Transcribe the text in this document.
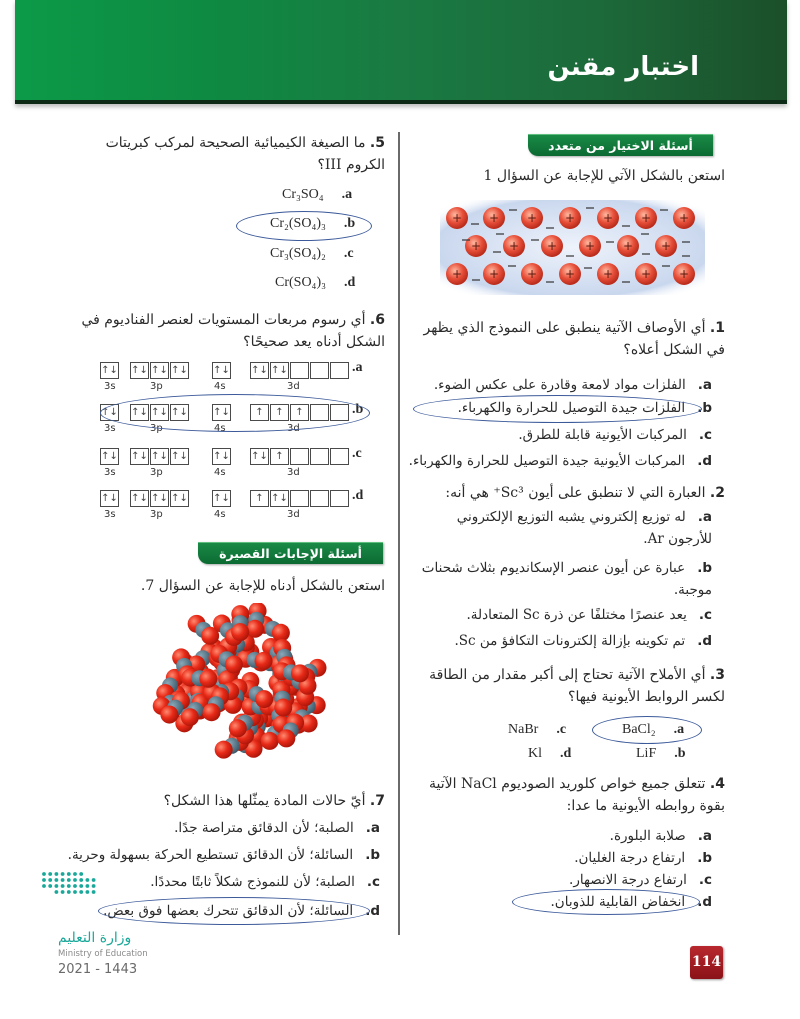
اختبار مقنن
أسئلة الاختيار من متعدد
استعن بالشكل الآتي للإجابة عن السؤال 1
+ + + + + + +
+ + + + + +
+ + + + + + +
1. أي الأوصاف الآتية ينطبق على النموذج الذي يظهر في الشكل أعلاه؟
a.الفلزات مواد لامعة وقادرة على عكس الضوء.
b.الفلزات جيدة التوصيل للحرارة والكهرباء.
c.المركبات الأيونية قابلة للطرق.
d.المركبات الأيونية جيدة التوصيل للحرارة والكهرباء.
2. العبارة التي لا تنطبق على أيون Sc³⁺ هي أنه:
a.له توزيع إلكتروني يشبه التوزيع الإلكتروني للأرجون Ar.
b.عبارة عن أيون عنصر الإسكانديوم بثلاث شحنات موجبة.
c.يعد عنصرًا مختلفًا عن ذرة Sc المتعادلة.
d.تم تكوينه بإزالة إلكترونات التكافؤ من Sc.
3. أي الأملاح الآتية تحتاج إلى أكبر مقدار من الطاقة لكسر الروابط الأيونية فيها؟
BaCl₂ .a
LiF .b
NaBr .c
Kl .d
4. تتعلق جميع خواص كلوريد الصوديوم NaCl الآتية بقوة روابطه الأيونية ما عدا:
a.صلابة البلورة.
b.ارتفاع درجة الغليان.
c.ارتفاع درجة الانصهار.
d.انخفاض القابلية للذوبان.
5. ما الصيغة الكيميائية الصحيحة لمركب كبريتات الكروم III؟
Cr₃SO₄ .a
Cr₂(SO₄)₃ .b
Cr₃(SO₄)₂ .c
Cr(SO₄)₃ .d
6. أي رسوم مربعات المستويات لعنصر الفناديوم في الشكل أدناه يعد صحيحًا؟
↑↓ ↑↓ ↑↓ ↑↓	↑↓ ↑↓ ↑↓
3s	3p	4s	3d
.a
↑↓ ↑↓ ↑↓ ↑↓	↑↓	↑	↑	↑
3s	3p	4s	3d
.b
↑↓ ↑↓ ↑↓ ↑↓	↑↓ ↑↓ ↑
3s	3p	4s	3d
.c
↑↓ ↑↓ ↑↓ ↑↓	↑↓	↑ ↑↓
3s	3p	4s	3d
.d
أسئلة الإجابات القصيرة
استعن بالشكل أدناه للإجابة عن السؤال 7.
7. أيّ حالات المادة يمثّلها هذا الشكل؟
a.الصلبة؛ لأن الدقائق متراصة جدًا.
b.السائلة؛ لأن الدقائق تستطيع الحركة بسهولة وحرية.
c.الصلبة؛ لأن للنموذج شكلاً ثابتًا محددًا.
d.السائلة؛ لأن الدقائق تتحرك بعضها فوق بعض.
وزارة التعليم
Ministry of Education
2021 - 1443	114
